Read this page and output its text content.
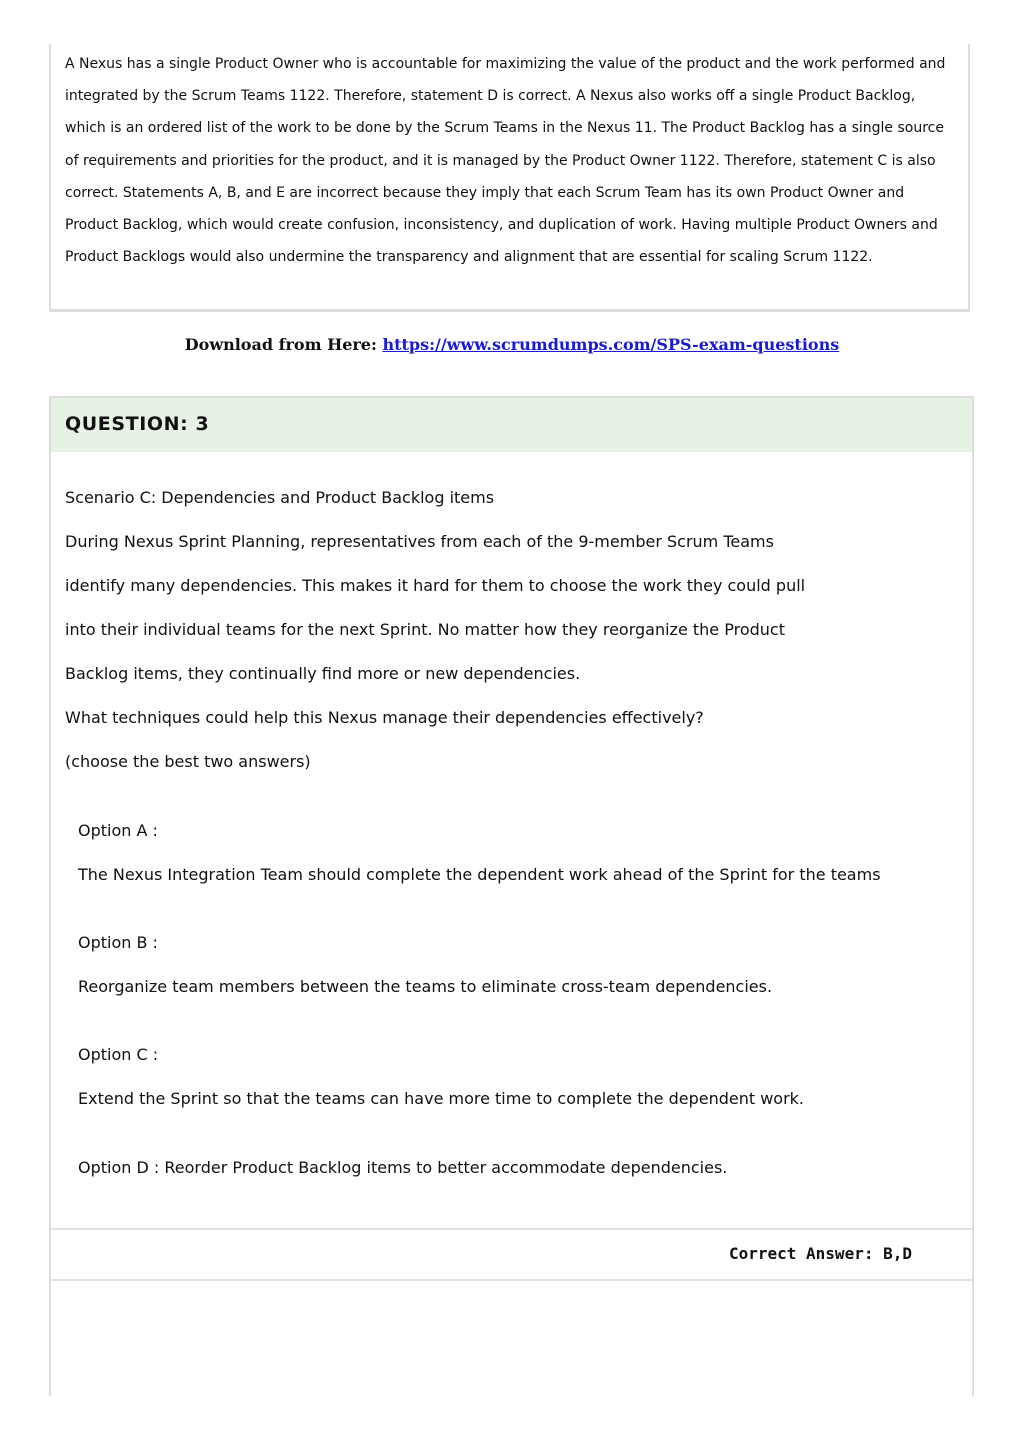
A Nexus has a single Product Owner who is accountable for maximizing the value of the product and the work performed and integrated by the Scrum Teams 1122. Therefore, statement D is correct. A Nexus also works off a single Product Backlog, which is an ordered list of the work to be done by the Scrum Teams in the Nexus 11. The Product Backlog has a single source of requirements and priorities for the product, and it is managed by the Product Owner 1122. Therefore, statement C is also correct. Statements A, B, and E are incorrect because they imply that each Scrum Team has its own Product Owner and Product Backlog, which would create confusion, inconsistency, and duplication of work. Having multiple Product Owners and Product Backlogs would also undermine the transparency and alignment that are essential for scaling Scrum 1122.

Download from Here: https://www.scrumdumps.com/SPS-exam-questions

QUESTION: 3

Scenario C: Dependencies and Product Backlog items

During Nexus Sprint Planning, representatives from each of the 9-member Scrum Teams

identify many dependencies. This makes it hard for them to choose the work they could pull

into their individual teams for the next Sprint. No matter how they reorganize the Product

Backlog items, they continually find more or new dependencies.

What techniques could help this Nexus manage their dependencies effectively?

(choose the best two answers)

Option A :

The Nexus Integration Team should complete the dependent work ahead of the Sprint for the teams

Option B :

Reorganize team members between the teams to eliminate cross-team dependencies.

Option C :

Extend the Sprint so that the teams can have more time to complete the dependent work.

Option D : Reorder Product Backlog items to better accommodate dependencies.

Correct Answer: B,D
